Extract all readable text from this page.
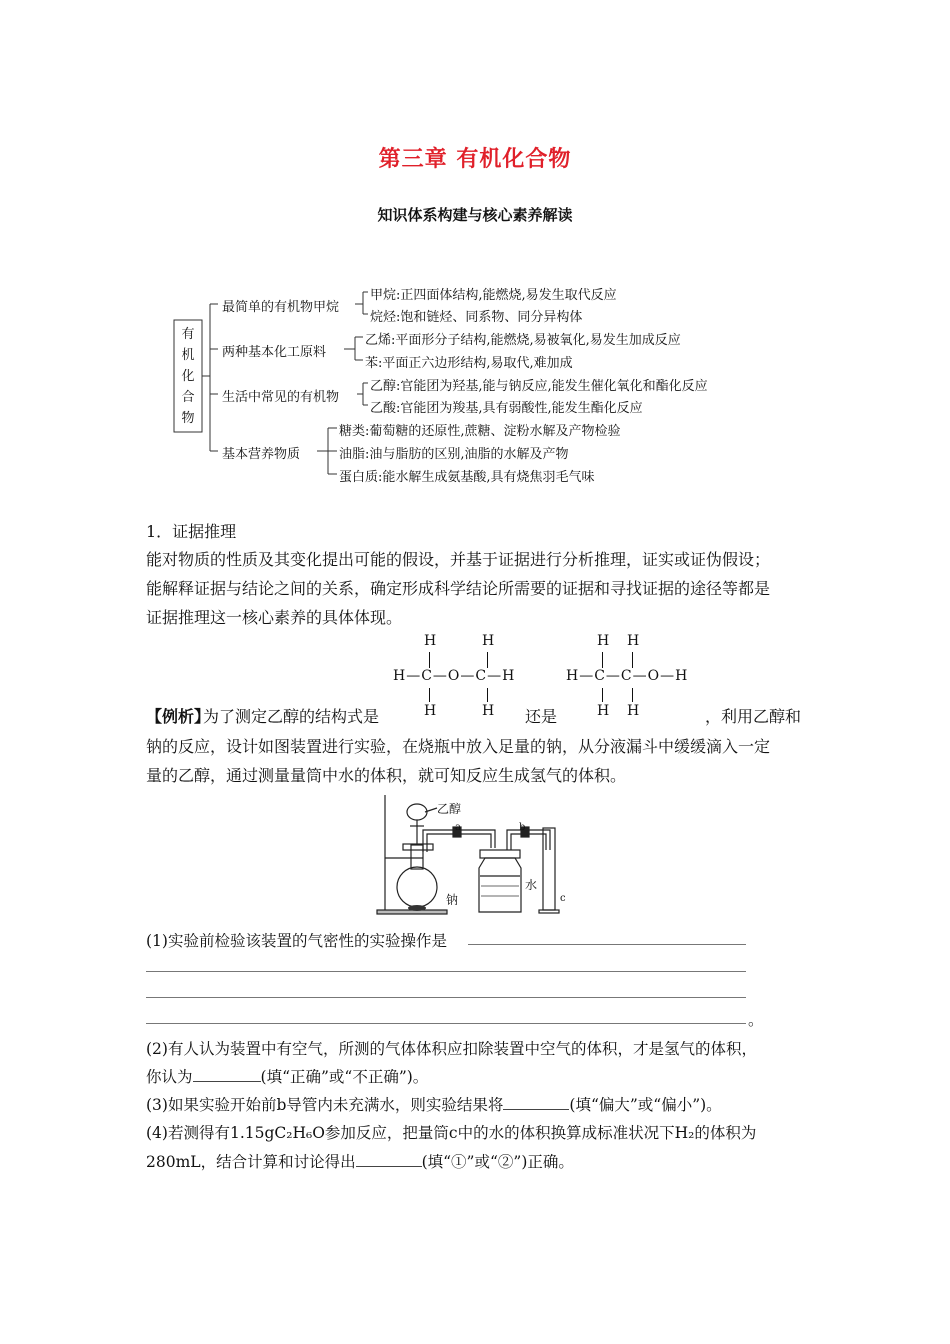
第三章 有机化合物
知识体系构建与核心素养解读
有
机
化
合
物
最简单的有机物甲烷
两种基本化工原料
生活中常见的有机物
基本营养物质
甲烷:正四面体结构,能燃烧,易发生取代反应
烷烃:饱和链烃、同系物、同分异构体
乙烯:平面形分子结构,能燃烧,易被氧化,易发生加成反应
苯:平面正六边形结构,易取代,难加成
乙醇:官能团为羟基,能与钠反应,能发生催化氧化和酯化反应
乙酸:官能团为羧基,具有弱酸性,能发生酯化反应
糖类:葡萄糖的还原性,蔗糖、淀粉水解及产物检验
油脂:油与脂肪的区别,油脂的水解及产物
蛋白质:能水解生成氨基酸,具有烧焦羽毛气味
1．证据推理
能对物质的性质及其变化提出可能的假设，并基于证据进行分析推理，证实或证伪假设；
能解释证据与结论之间的关系，确定形成科学结论所需要的证据和寻找证据的途径等都是
证据推理这一核心素养的具体体现。
H	H
H—C—O—C—H
H	H
H H
H—C—C—O—H
H H
【例析】
为了测定乙醇的结构式是	还是	，利用乙醇和
钠的反应，设计如图装置进行实验，在烧瓶中放入足量的钠，从分液漏斗中缓缓滴入一定
量的乙醇，通过测量量筒中水的体积，就可知反应生成氢气的体积。
乙醇
a	b
水
钠	c
(1)实验前检验该装置的气密性的实验操作是
。
(2)有人认为装置中有空气，所测的气体体积应扣除装置中空气的体积，才是氢气的体积，
你认为	(填“正确”或“不正确”)。
(3)如果实验开始前b导管内未充满水，则实验结果将	(填“偏大”或“偏小”)。
(4)若测得有1.15gC₂H₆O参加反应，把量筒c中的水的体积换算成标准状况下H₂的体积为
280mL，结合计算和讨论得出	(填“①”或“②”)正确。
